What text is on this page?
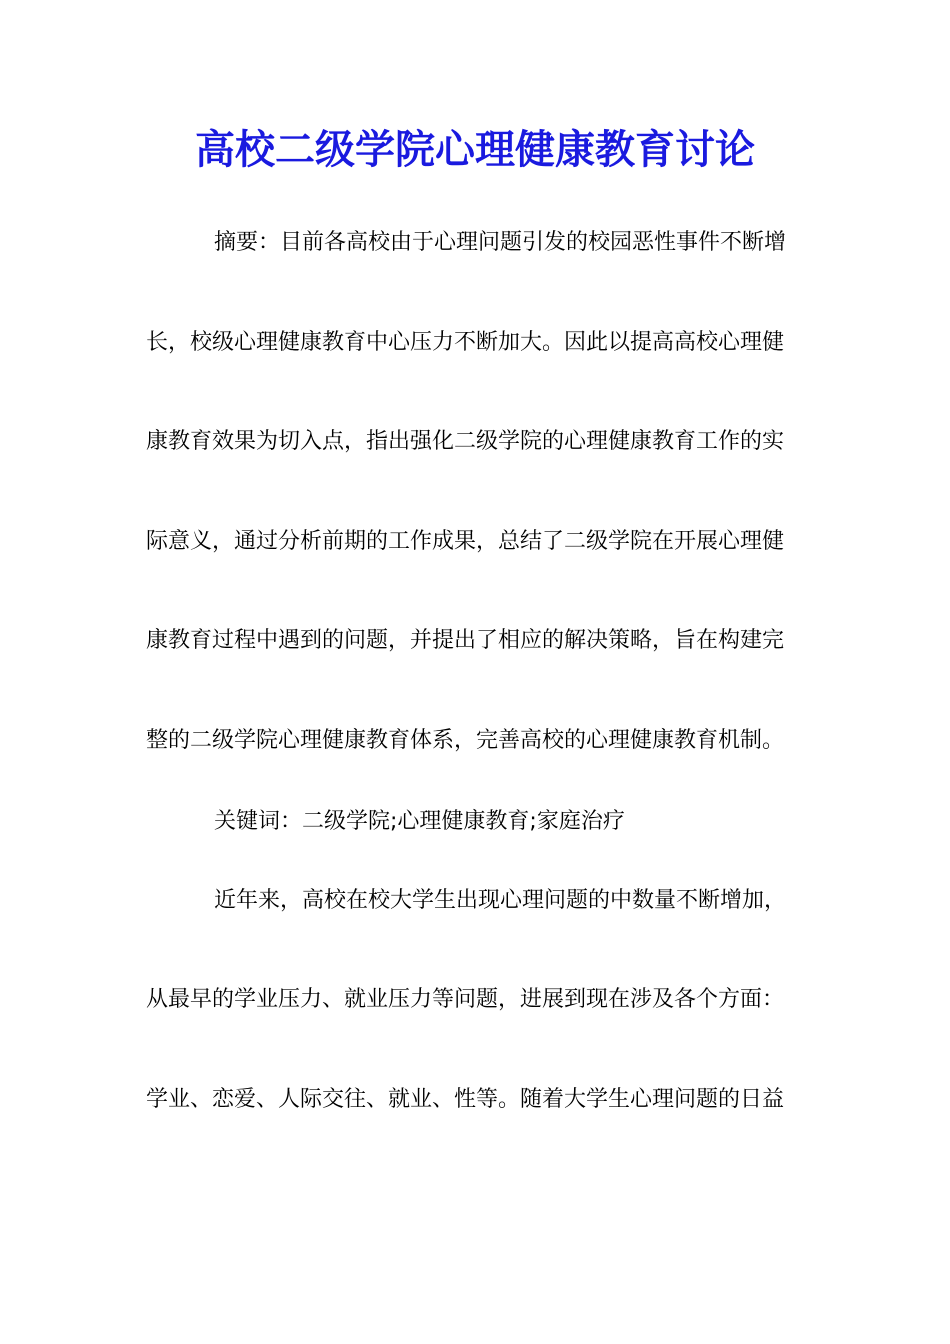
高校二级学院心理健康教育讨论
摘要：目前各高校由于心理问题引发的校园恶性事件不断增
长，校级心理健康教育中心压力不断加大。因此以提高高校心理健
康教育效果为切入点，指出强化二级学院的心理健康教育工作的实
际意义，通过分析前期的工作成果，总结了二级学院在开展心理健
康教育过程中遇到的问题，并提出了相应的解决策略，旨在构建完
整的二级学院心理健康教育体系，完善高校的心理健康教育机制。
关键词：二级学院;心理健康教育;家庭治疗
近年来，高校在校大学生出现心理问题的中数量不断增加，
从最早的学业压力、就业压力等问题，进展到现在涉及各个方面：
学业、恋爱、人际交往、就业、性等。随着大学生心理问题的日益
